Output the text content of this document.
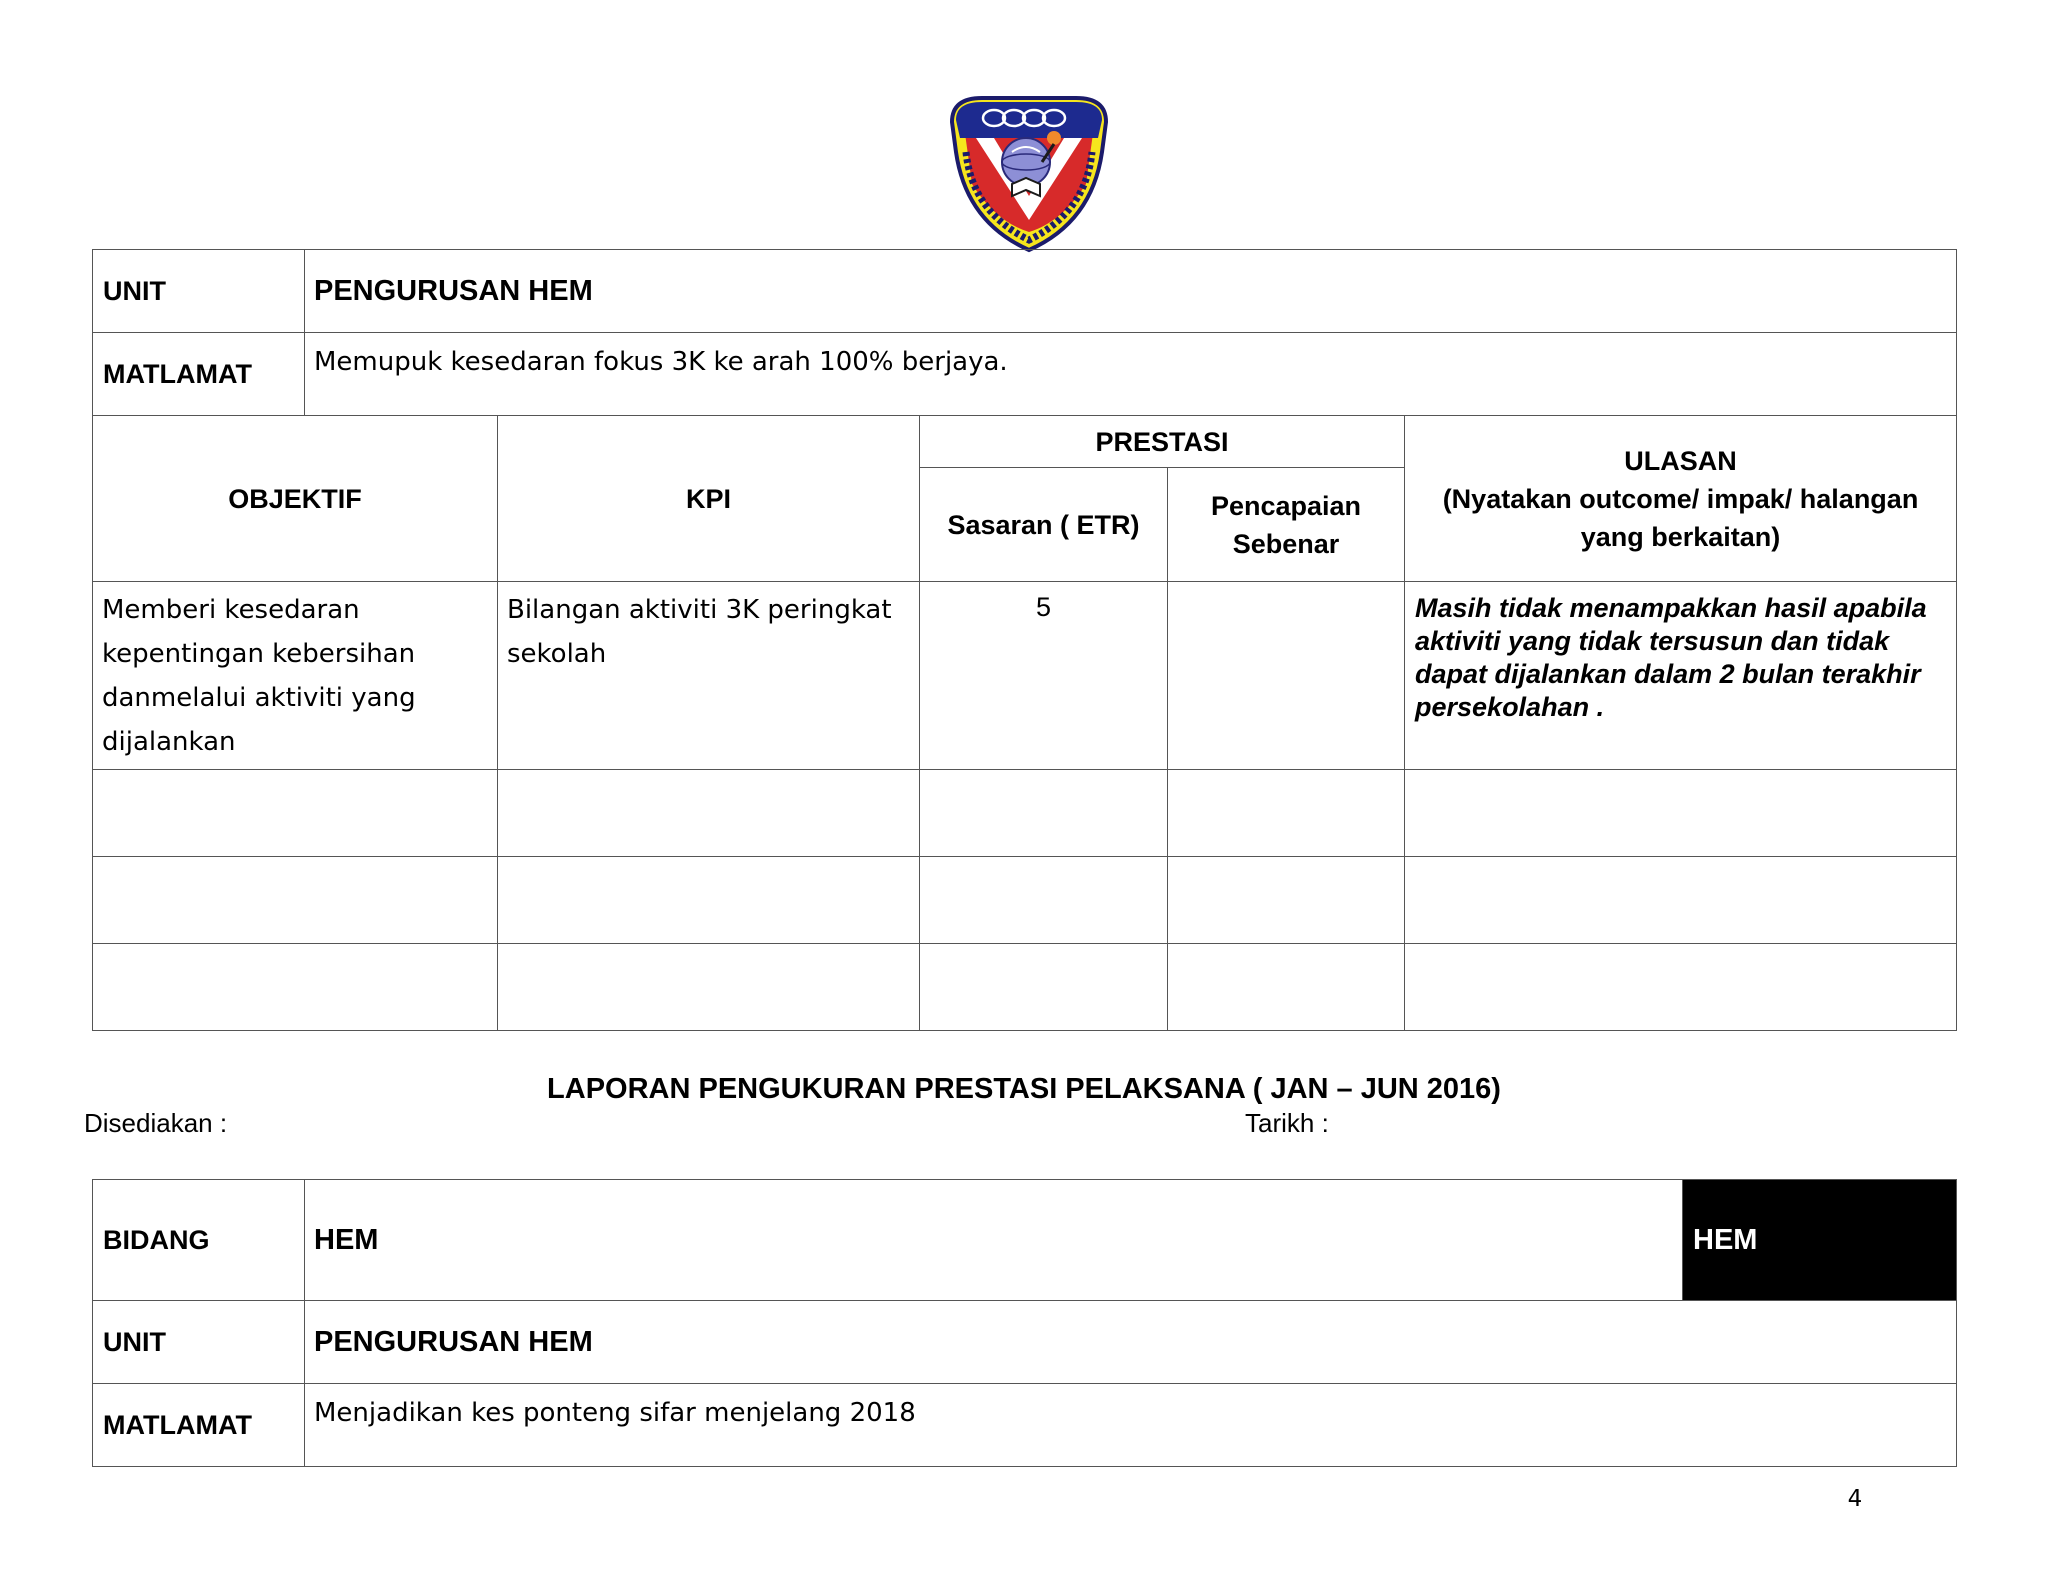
UNIT	PENGURUSAN HEM
MATLAMAT	Memupuk kesedaran fokus 3K ke arah 100% berjaya.
OBJEKTIF	KPI	PRESTASI		ULASAN
(Nyatakan outcome/ impak/ halangan
yang berkaitan)

		Sasaran ( ETR)	Pencapaian
Sebenar	

Memberi kesedaran kepentingan kebersihan danmelalui aktiviti yang dijalankan	Bilangan aktiviti 3K peringkat sekolah	5		Masih tidak menampakkan hasil apabila aktiviti yang tidak tersusun dan tidak dapat dijalankan dalam 2 bulan terakhir persekolahan .

LAPORAN PENGUKURAN PRESTASI PELAKSANA ( JAN – JUN 2016)
Disediakan :	Tarikh :
BIDANG	HEM	HEM
UNIT	PENGURUSAN HEM	
MATLAMAT	Menjadikan kes ponteng sifar menjelang 2018	
4
